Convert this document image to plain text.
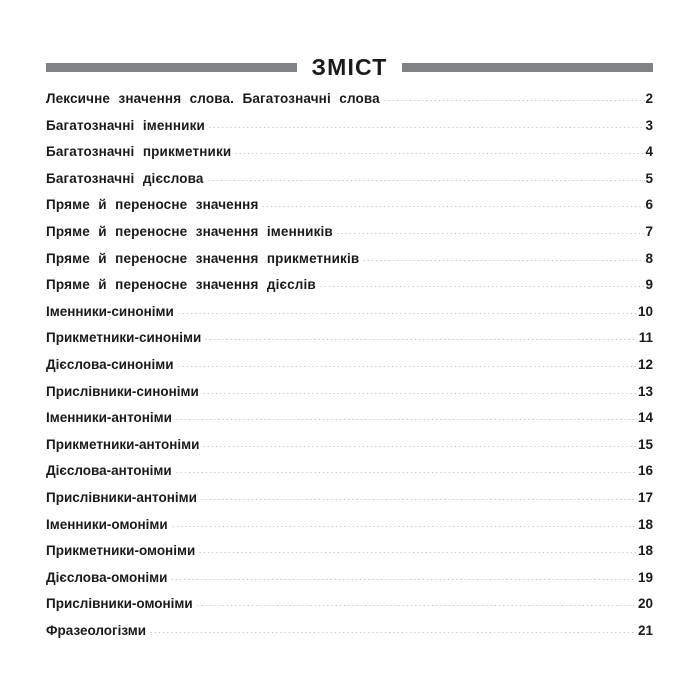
ЗМІСТ
Лексичне значення слова. Багатозначні слова	2
Багатозначні іменники	3
Багатозначні прикметники	4
Багатозначні дієслова	5
Пряме й переносне значення	6
Пряме й переносне значення іменників	7
Пряме й переносне значення прикметників	8
Пряме й переносне значення дієслів	9
Іменники-синоніми	10
Прикметники-синоніми	11
Дієслова-синоніми	12
Прислівники-синоніми	13
Іменники-антоніми	14
Прикметники-антоніми	15
Дієслова-антоніми	16
Прислівники-антоніми	17
Іменники-омоніми	18
Прикметники-омоніми	18
Дієслова-омоніми	19
Прислівники-омоніми	20
Фразеологізми	21
